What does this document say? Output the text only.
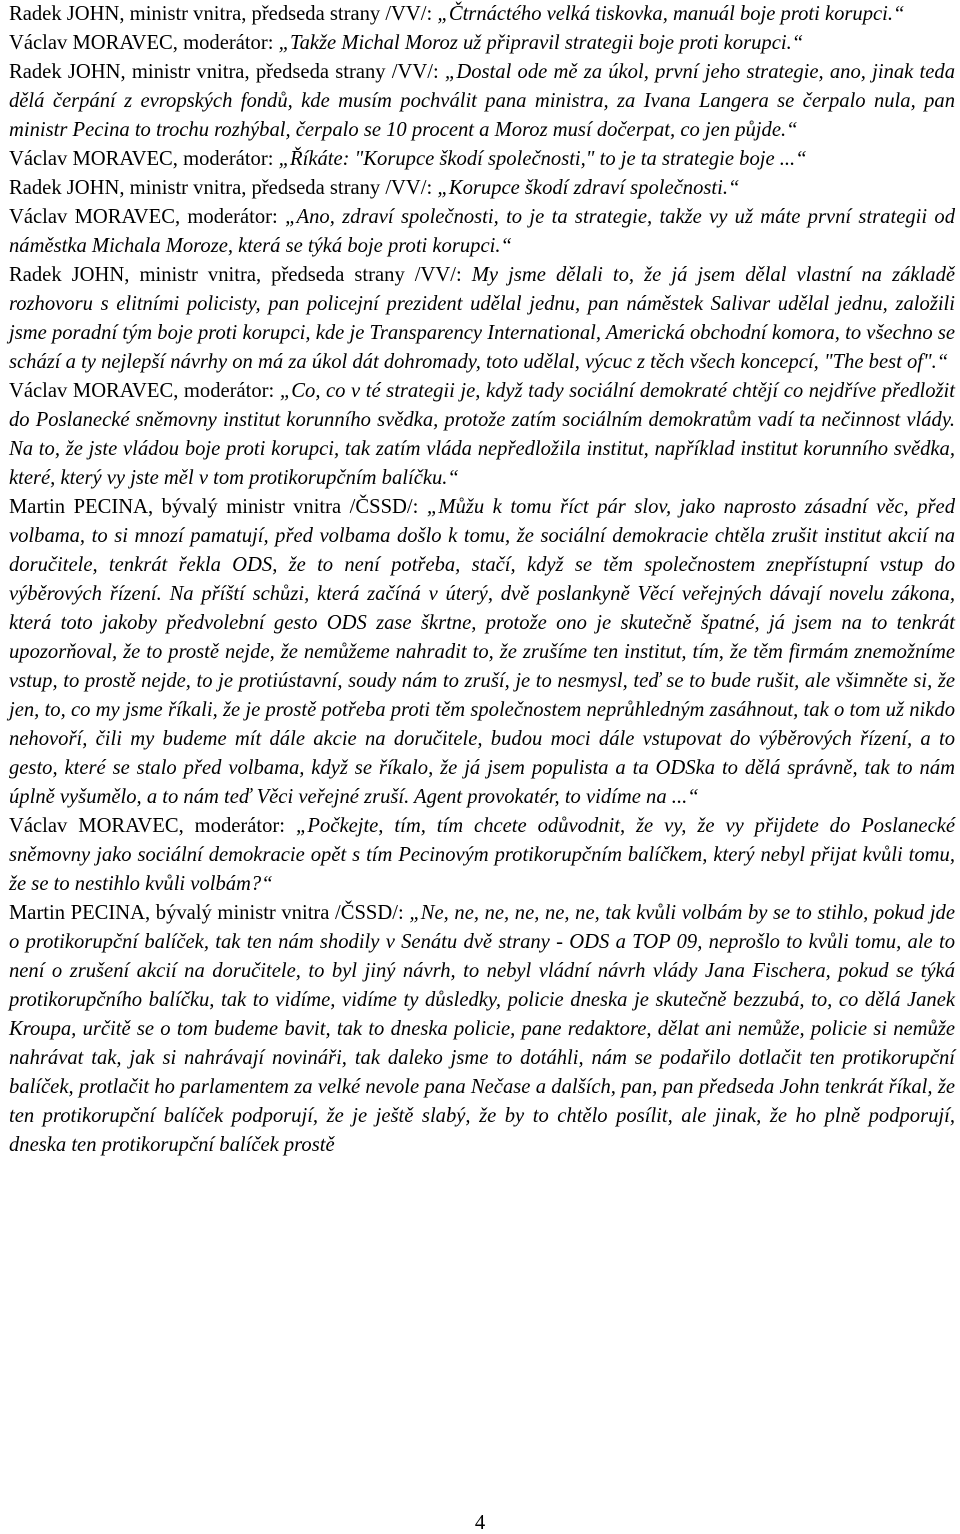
Radek JOHN, ministr vnitra, předseda strany /VV/: „Čtrnáctého velká tiskovka, manuál boje proti korupci.“

Václav MORAVEC, moderátor: „Takže Michal Moroz už připravil strategii boje proti korupci.“

Radek JOHN, ministr vnitra, předseda strany /VV/: „Dostal ode mě za úkol, první jeho strategie, ano, jinak teda dělá čerpání z evropských fondů, kde musím pochválit pana ministra, za Ivana Langera se čerpalo nula, pan ministr Pecina to trochu rozhýbal, čerpalo se 10 procent a Moroz musí dočerpat, co jen půjde.“

Václav MORAVEC, moderátor: „Říkáte: "Korupce škodí společnosti," to je ta strategie boje ...“

Radek JOHN, ministr vnitra, předseda strany /VV/: „Korupce škodí zdraví společnosti.“

Václav MORAVEC, moderátor: „Ano, zdraví společnosti, to je ta strategie, takže vy už máte první strategii od náměstka Michala Moroze, která se týká boje proti korupci.“

Radek JOHN, ministr vnitra, předseda strany /VV/: My jsme dělali to, že já jsem dělal vlastní na základě rozhovoru s elitními policisty, pan policejní prezident udělal jednu, pan náměstek Salivar udělal jednu, založili jsme poradní tým boje proti korupci, kde je Transparency International, Americká obchodní komora, to všechno se schází a ty nejlepší návrhy on má za úkol dát dohromady, toto udělal, výcuc z těch všech koncepcí, "The best of".“

Václav MORAVEC, moderátor: „Co, co v té strategii je, když tady sociální demokraté chtějí co nejdříve předložit do Poslanecké sněmovny institut korunního svědka, protože zatím sociálním demokratům vadí ta nečinnost vlády. Na to, že jste vládou boje proti korupci, tak zatím vláda nepředložila institut, například institut korunního svědka, které, který vy jste měl v tom protikorupčním balíčku.“

Martin PECINA, bývalý ministr vnitra /ČSSD/: „Můžu k tomu říct pár slov, jako naprosto zásadní věc, před volbama, to si mnozí pamatují, před volbama došlo k tomu, že sociální demokracie chtěla zrušit institut akcií na doručitele, tenkrát řekla ODS, že to není potřeba, stačí, když se těm společnostem znepřístupní vstup do výběrových řízení. Na příští schůzi, která začíná v úterý, dvě poslankyně Věcí veřejných dávají novelu zákona, která toto jakoby předvolební gesto ODS zase škrtne, protože ono je skutečně špatné, já jsem na to tenkrát upozorňoval, že to prostě nejde, že nemůžeme nahradit to, že zrušíme ten institut, tím, že těm firmám znemožníme vstup, to prostě nejde, to je protiústavní, soudy nám to zruší, je to nesmysl, teď se to bude rušit, ale všimněte si, že jen, to, co my jsme říkali, že je prostě potřeba proti těm společnostem neprůhledným zasáhnout, tak o tom už nikdo nehovoří, čili my budeme mít dále akcie na doručitele, budou moci dále vstupovat do výběrových řízení, a to gesto, které se stalo před volbama, když se říkalo, že já jsem populista a ta ODSka to dělá správně, tak to nám úplně vyšumělo, a to nám teď Věci veřejné zruší. Agent provokatér, to vidíme na ...“

Václav MORAVEC, moderátor: „Počkejte, tím, tím chcete odůvodnit, že vy, že vy přijdete do Poslanecké sněmovny jako sociální demokracie opět s tím Pecinovým protikorupčním balíčkem, který nebyl přijat kvůli tomu, že se to nestihlo kvůli volbám?“

Martin PECINA, bývalý ministr vnitra /ČSSD/: „Ne, ne, ne, ne, ne, ne, tak kvůli volbám by se to stihlo, pokud jde o protikorupční balíček, tak ten nám shodily v Senátu dvě strany - ODS a TOP 09, neprošlo to kvůli tomu, ale to není o zrušení akcií na doručitele, to byl jiný návrh, to nebyl vládní návrh vlády Jana Fischera, pokud se týká protikorupčního balíčku, tak to vidíme, vidíme ty důsledky, policie dneska je skutečně bezzubá, to, co dělá Janek Kroupa, určitě se o tom budeme bavit, tak to dneska policie, pane redaktore, dělat ani nemůže, policie si nemůže nahrávat tak, jak si nahrávají novináři, tak daleko jsme to dotáhli, nám se podařilo dotlačit ten protikorupční balíček, protlačit ho parlamentem za velké nevole pana Nečase a dalších, pan, pan předseda John tenkrát říkal, že ten protikorupční balíček podporují, že je ještě slabý, že by to chtělo posílit, ale jinak, že ho plně podporují, dneska ten protikorupční balíček prostě

4
